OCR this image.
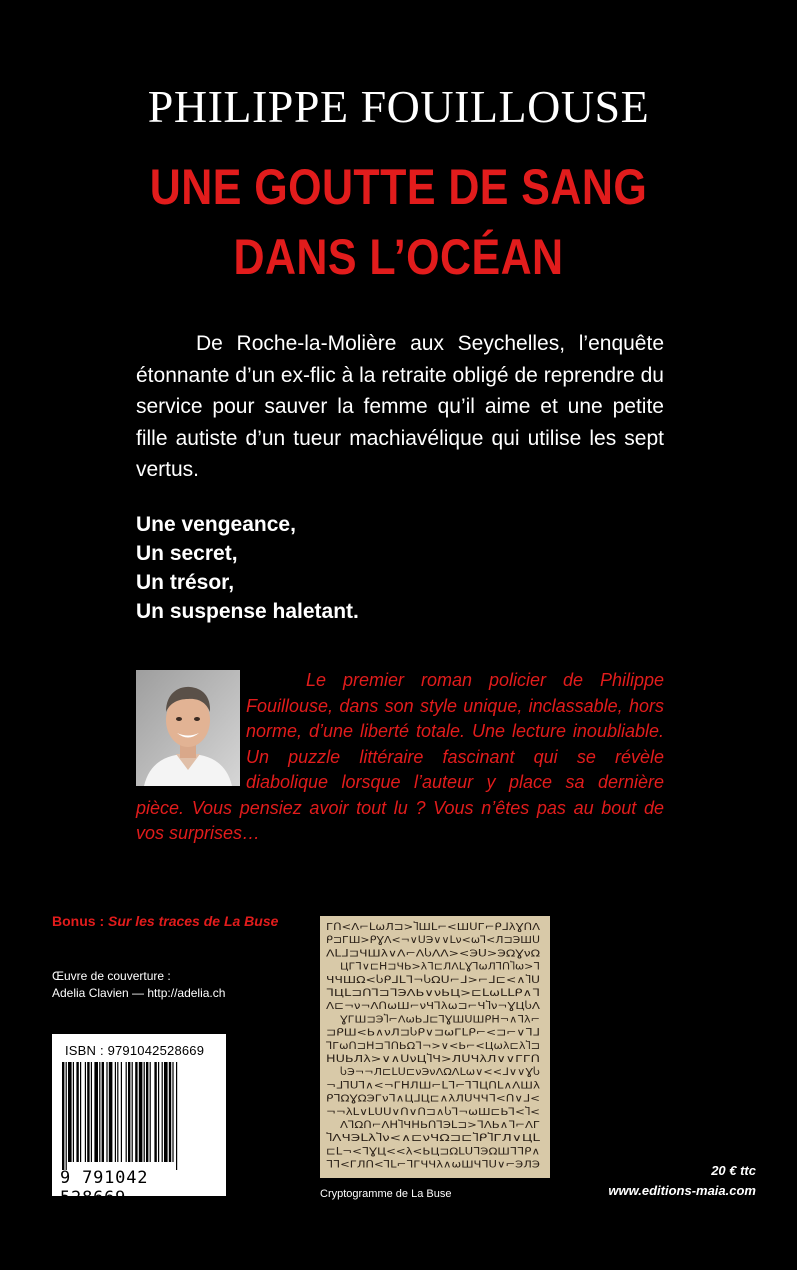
PHILIPPE FOUILLOUSE
UNE GOUTTE DE SANG
DANS L’OCÉAN

De Roche-la-Molière aux Seychelles, l’enquête étonnante d’un ex-flic à la retraite obligé de reprendre du service pour sauver la femme qu’il aime et une petite fille autiste d’un tueur machiavélique qui utilise les sept vertus.

Une vengeance,
Un secret,
Un trésor,
Un suspense haletant.

Le premier roman policier de Philippe Fouillouse, dans son style unique, inclassable, hors norme, d’une liberté totale. Une lecture inoubliable. Un puzzle littéraire fascinant qui se révèle diabolique lorsque l’auteur y place sa dernière pièce. Vous pensiez avoir tout lu ? Vous n’êtes pas au bout de vos surprises…

Bonus : Sur les traces de La Buse
Œuvre de couverture :
Adelia Clavien — http://adelia.ch
ISBN : 9791042528669
9 791042 528669
Гᑎ<Ʌ⌐ᒪωЛ⊐>ႨШᒪ⌐<ШᑌГ⌐ᑭᒧλƔᑎɅ
ᑭ⊐ГШ>ᑭƔɅ<¬∨ᑌЭ∨∨ᒪν<ωꓶ<Л⊐ЭШᑌ
Ʌᒪᒧ⊐ЧШλ∨Ʌ⌐ɅႱɅɅ><Эᑌ>ЭΩƔνΩ
ЦГᒣ∨⊏ᕼ⊐ЧЬ>λᒣ⊏ЛɅᒪƔꓶωЛꓶᑎႨω>ᒣ
ЧЧШΩ<Ⴑᑭᒧᒪᒣ¬ႱΩᑌ⌐ᒧ>⌐ᒧ⊏<∧Ⴈᑌ
ᒣЦᒪ⊐ᑎꓶ⊐ᒣЭɅЬ∨νЬЦ>⊏ᒪωᒪᒪᑭ∧ᒣ
Ʌ⊏¬ν¬ɅᑎωШ⌐νЧꓶλω⊐⌐ЧႨν¬ƔЦႱɅ
ƔГШ⊐ЭႨ⌐ɅωЬᒧ⊏ꓶƔШᑌШᑭᕼ¬∧ᒣλ⌐
⊐ᑭШ<Ь∧νЛ⊐Ⴑᑭ∨⊐ωГᒪᑭ⌐<⊐⌐∨ᒣᒧ
ꓶГωᑎ⊐ᕼ⊐ᒣᑎЬΩᒣ¬>∨<Ь⌐<Цωλ⊏λႨ⊐
ᕼᑌЬЛλ>∨∧ᑌνЦႨЧ>ЛᑌЧλЛ∨∨ГГᑎ
ႱЭ¬¬Л⊏ᒪᑌ⊏νЭνɅΩɅᒪω∨<<ᒧ∨∨ƔႱ
¬ᒧꓶᑌꓶ∧<¬ГᕼЛШ⌐ᒪᒣ⌐ꓶᒣЦᑎᒪ∧ɅШλ
ᑭᒣΩƔΩЭГνᒣ∧ЦᒧЦ⊏∧λЛᑌЧЧᒣ<ᑎ∨ᒧ<
¬¬λᒪ∨ᒪᑌᑌ∨ᑎ∨ᑎ⊐∧Ⴑꓶ¬ωШ⊏Ьꓶ<Ⴈ<
ɅꓶΩᑎ⌐ɅᕼႨЧᕼЬᑎꓶЭᒪ⊐>ᒣɅЬ∧ᒣ⌐ɅГ
ႨɅЧЭᒪλႨν<∧⊏νЧΩ⊐⊏ႨᑭႨГЛ∨Цᒪ
⊏ᒪ¬<ᒣƔЦ<<λ<ЬЦ⊐ΩᒪᑌᒣЭΩШᒣᒣᑭ∧
ᒣᒣ<ГЛᑎ<ꓶᒪ⌐ᒣГЧЧλ∧ωШЧᒣᑌ∨⌐ЭЛЭ
Cryptogramme de La Buse
20 € ttc
www.editions-maia.com
